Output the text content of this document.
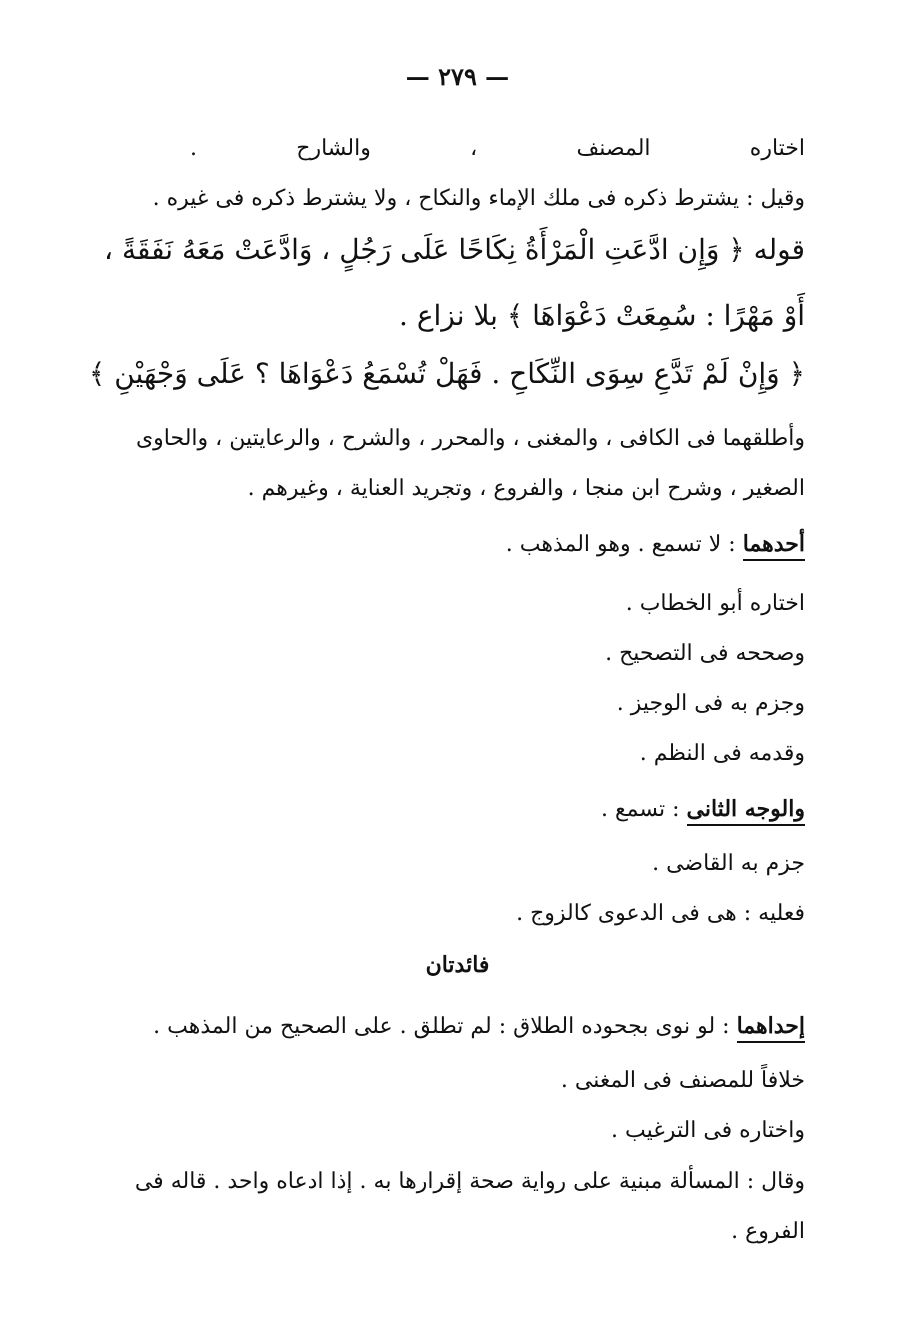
— ٢٧٩ —
اختاره المصنف ، والشارح .
وقيل : يشترط ذكره فى ملك الإماء والنكاح ، ولا يشترط ذكره فى غيره .
قوله ﴿ وَإِن ادَّعَتِ الْمَرْأَةُ نِكَاحًا عَلَى رَجُلٍ ، وَادَّعَتْ مَعَهُ نَفَقَةً ،
أَوْ مَهْرًا : سُمِعَتْ دَعْوَاهَا ﴾ بلا نزاع .
﴿ وَإِنْ لَمْ تَدَّعِ سِوَى النِّكَاحِ . فَهَلْ تُسْمَعُ دَعْوَاهَا ؟ عَلَى وَجْهَيْنِ ﴾
وأطلقهما فى الكافى ، والمغنى ، والمحرر ، والشرح ، والرعايتين ، والحاوى
الصغير ، وشرح ابن منجا ، والفروع ، وتجريد العناية ، وغيرهم .
أحدهما : لا تسمع . وهو المذهب .
اختاره أبو الخطاب .
وصححه فى التصحيح .
وجزم به فى الوجيز .
وقدمه فى النظم .
والوجه الثانى : تسمع .
جزم به القاضى .
فعليه : هى فى الدعوى كالزوج .
فائدتان
إحداهما : لو نوى بجحوده الطلاق : لم تطلق . على الصحيح من المذهب .
خلافاً للمصنف فى المغنى .
واختاره فى الترغيب .
وقال : المسألة مبنية على رواية صحة إقرارها به . إذا ادعاه واحد . قاله فى
الفروع .
